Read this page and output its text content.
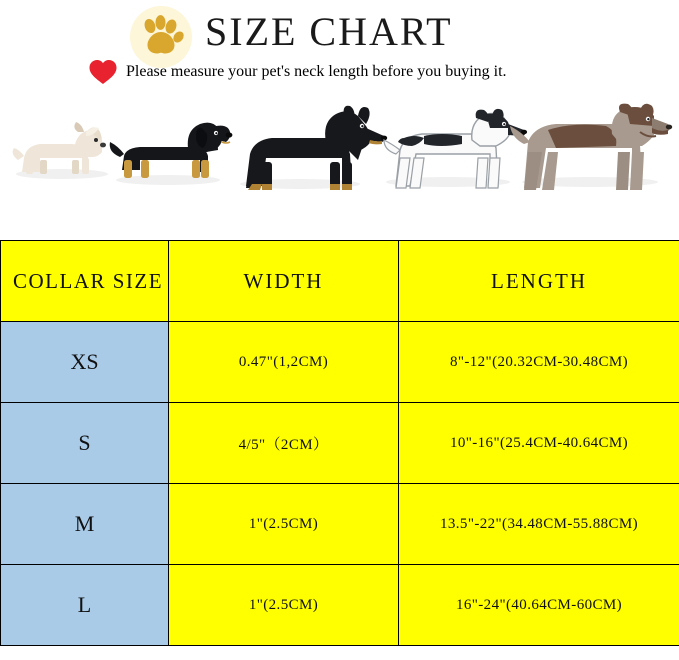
SIZE CHART
Please measure your pet's neck length before you buying it.
COLLAR SIZE	WIDTH	LENGTH
XS	0.47"(1,2CM)	8"-12"(20.32CM-30.48CM)
S	4/5"（2CM）	10"-16"(25.4CM-40.64CM)
M	1"(2.5CM)	13.5"-22"(34.48CM-55.88CM)
L	1"(2.5CM)	16"-24"(40.64CM-60CM)
